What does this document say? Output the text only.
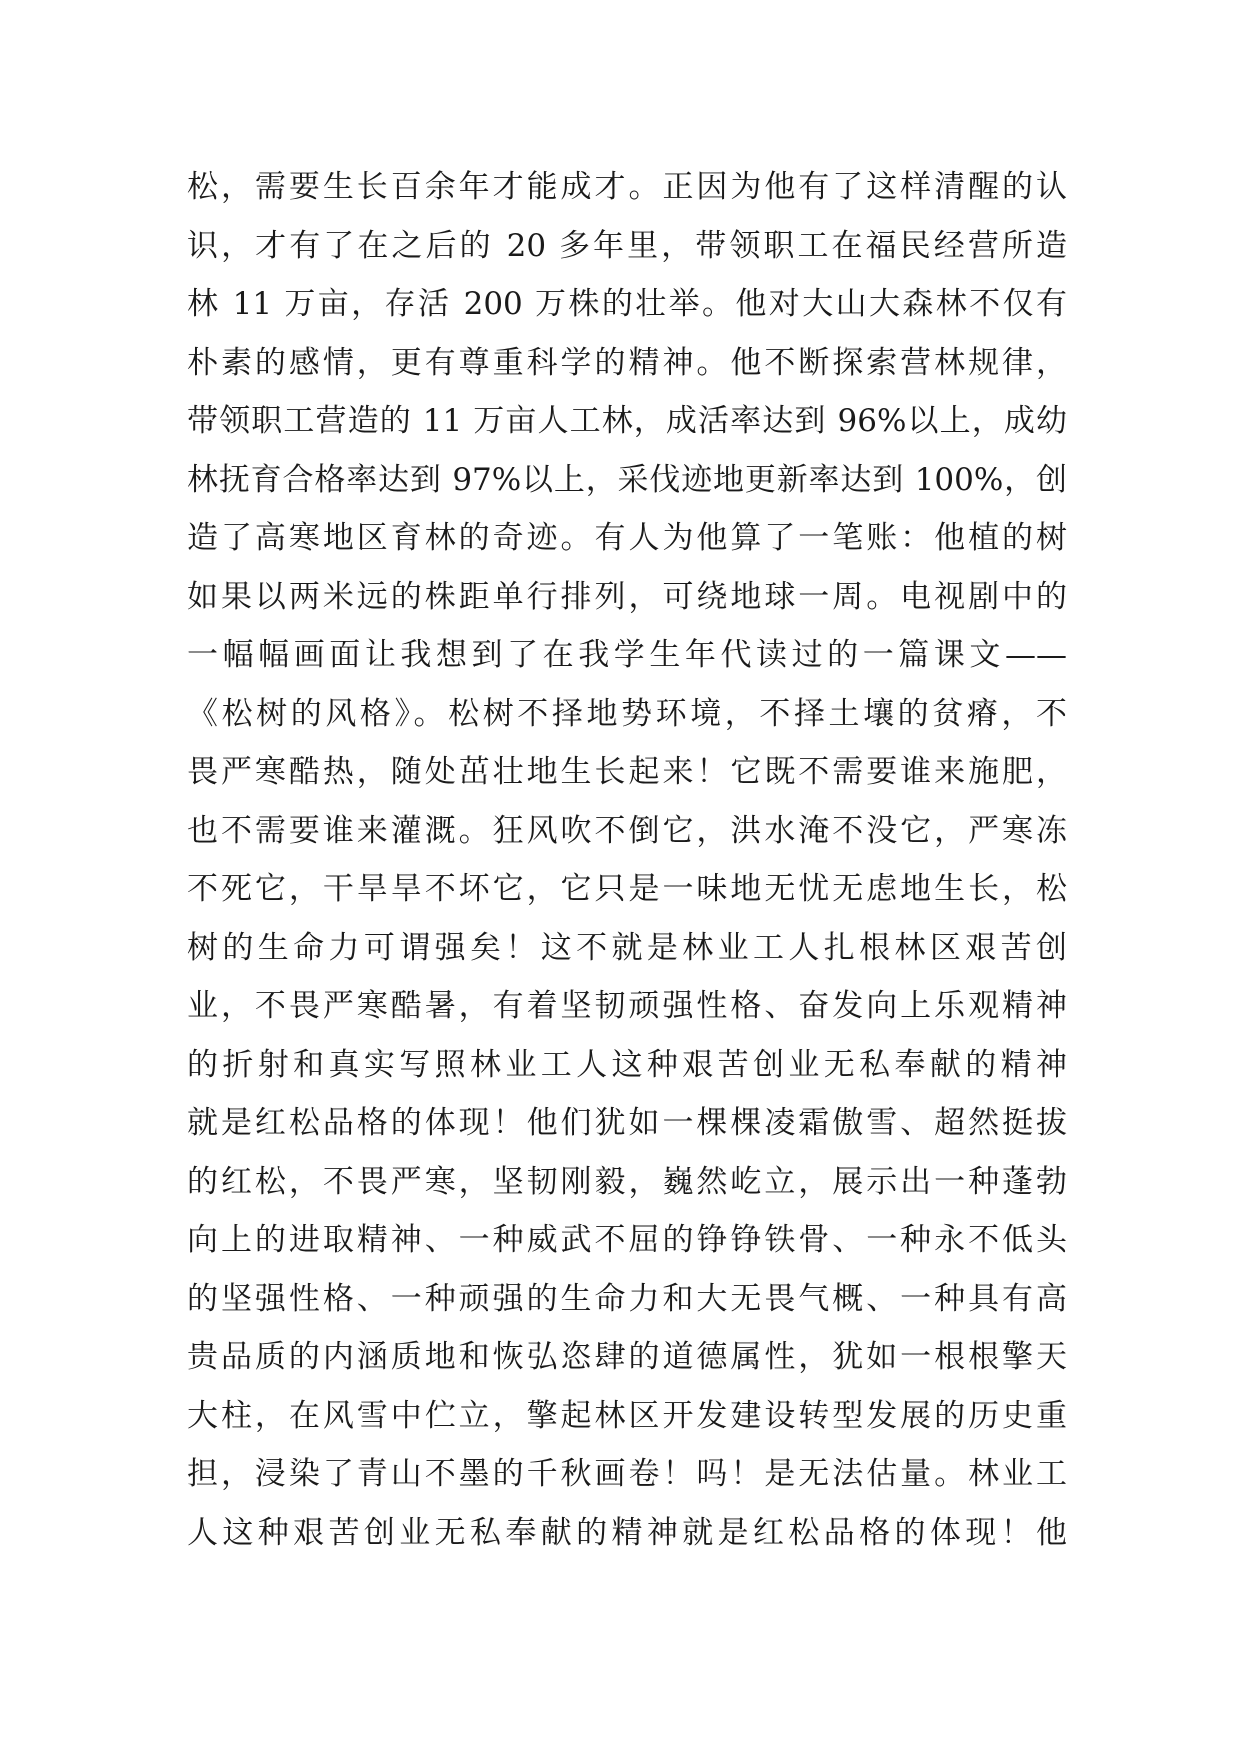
松，需要生长百余年才能成才。正因为他有了这样清醒的认
识，才有了在之后的 20 多年里，带领职工在福民经营所造
林 11 万亩，存活 200 万株的壮举。他对大山大森林不仅有
朴素的感情，更有尊重科学的精神。他不断探索营林规律，
带领职工营造的 11 万亩人工林，成活率达到 96%以上，成幼
林抚育合格率达到 97%以上，采伐迹地更新率达到 100%，创
造了高寒地区育林的奇迹。有人为他算了一笔账：他植的树
如果以两米远的株距单行排列，可绕地球一周。电视剧中的
一幅幅画面让我想到了在我学生年代读过的一篇课文——
《松树的风格》。松树不择地势环境，不择土壤的贫瘠，不
畏严寒酷热，随处茁壮地生长起来！它既不需要谁来施肥，
也不需要谁来灌溉。狂风吹不倒它，洪水淹不没它，严寒冻
不死它，干旱旱不坏它，它只是一味地无忧无虑地生长，松
树的生命力可谓强矣！这不就是林业工人扎根林区艰苦创
业，不畏严寒酷暑，有着坚韧顽强性格、奋发向上乐观精神
的折射和真实写照林业工人这种艰苦创业无私奉献的精神
就是红松品格的体现！他们犹如一棵棵凌霜傲雪、超然挺拔
的红松，不畏严寒，坚韧刚毅，巍然屹立，展示出一种蓬勃
向上的进取精神、一种威武不屈的铮铮铁骨、一种永不低头
的坚强性格、一种顽强的生命力和大无畏气概、一种具有高
贵品质的内涵质地和恢弘恣肆的道德属性，犹如一根根擎天
大柱，在风雪中伫立，擎起林区开发建设转型发展的历史重
担，浸染了青山不墨的千秋画卷！吗！是无法估量。林业工
人这种艰苦创业无私奉献的精神就是红松品格的体现！他
